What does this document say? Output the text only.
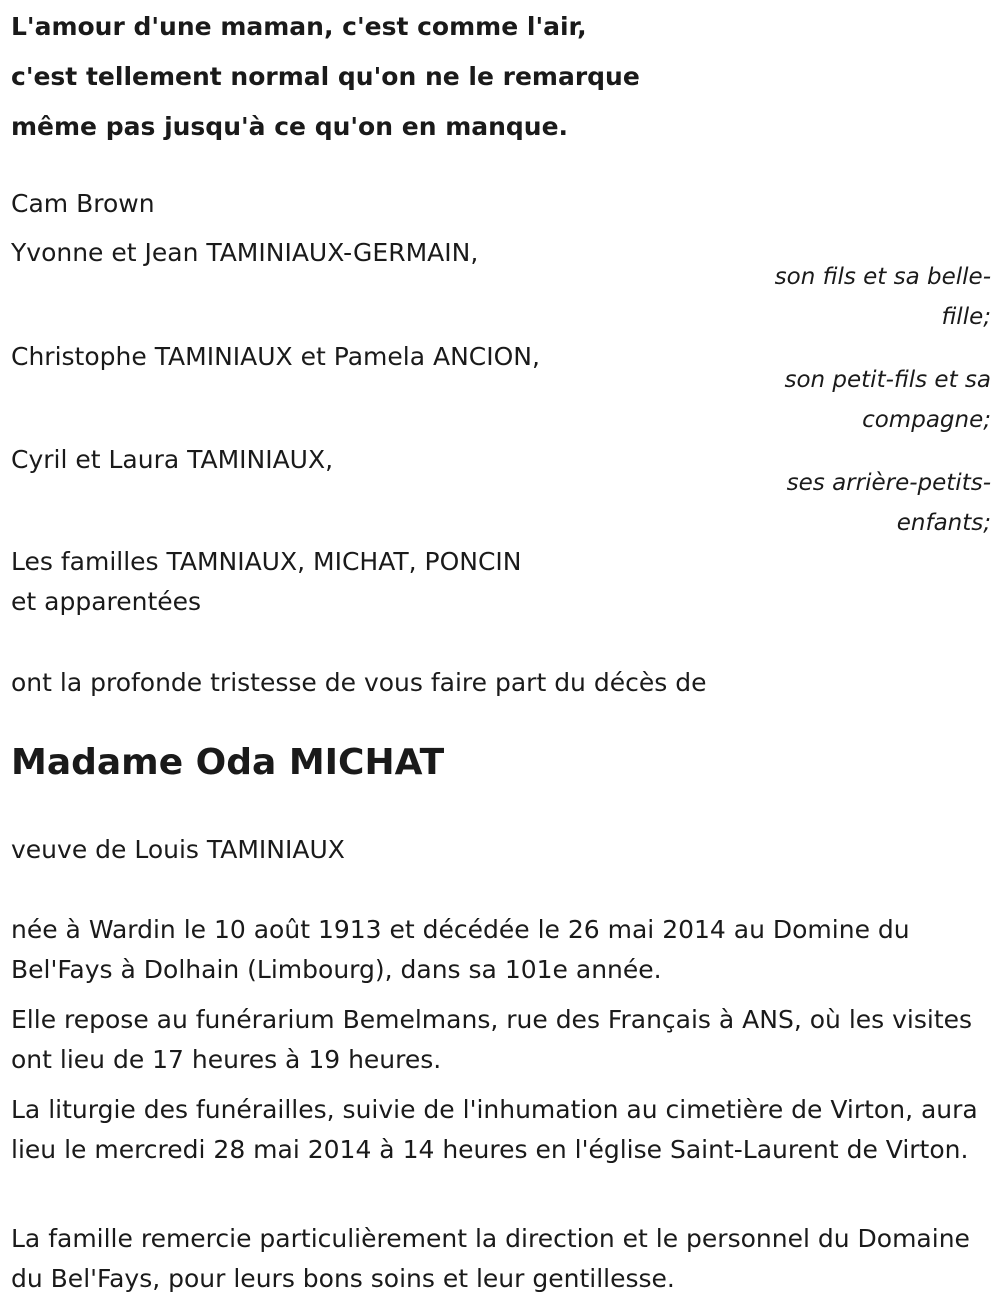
L'amour d'une maman, c'est comme l'air,
c'est tellement normal qu'on ne le remarque
même pas jusqu'à ce qu'on en manque.
Cam Brown
Yvonne et Jean TAMINIAUX-GERMAIN,
son fils et sa belle-fille;
Christophe TAMINIAUX et Pamela ANCION,
son petit-fils et sa compagne;
Cyril et Laura TAMINIAUX,
ses arrière-petits-enfants;
Les familles TAMNIAUX, MICHAT, PONCIN
et apparentées
ont la profonde tristesse de vous faire part du décès de
Madame Oda MICHAT
veuve de Louis TAMINIAUX
née à Wardin le 10 août 1913 et décédée le 26 mai 2014 au Domine du Bel'Fays à Dolhain (Limbourg), dans sa 101e année.
Elle repose au funérarium Bemelmans, rue des Français à ANS, où les visites ont lieu de 17 heures à 19 heures.
La liturgie des funérailles, suivie de l'inhumation au cimetière de Virton, aura lieu le mercredi 28 mai 2014 à 14 heures en l'église Saint-Laurent de Virton.
La famille remercie particulièrement la direction et le personnel du Domaine du Bel'Fays, pour leurs bons soins et leur gentillesse.
